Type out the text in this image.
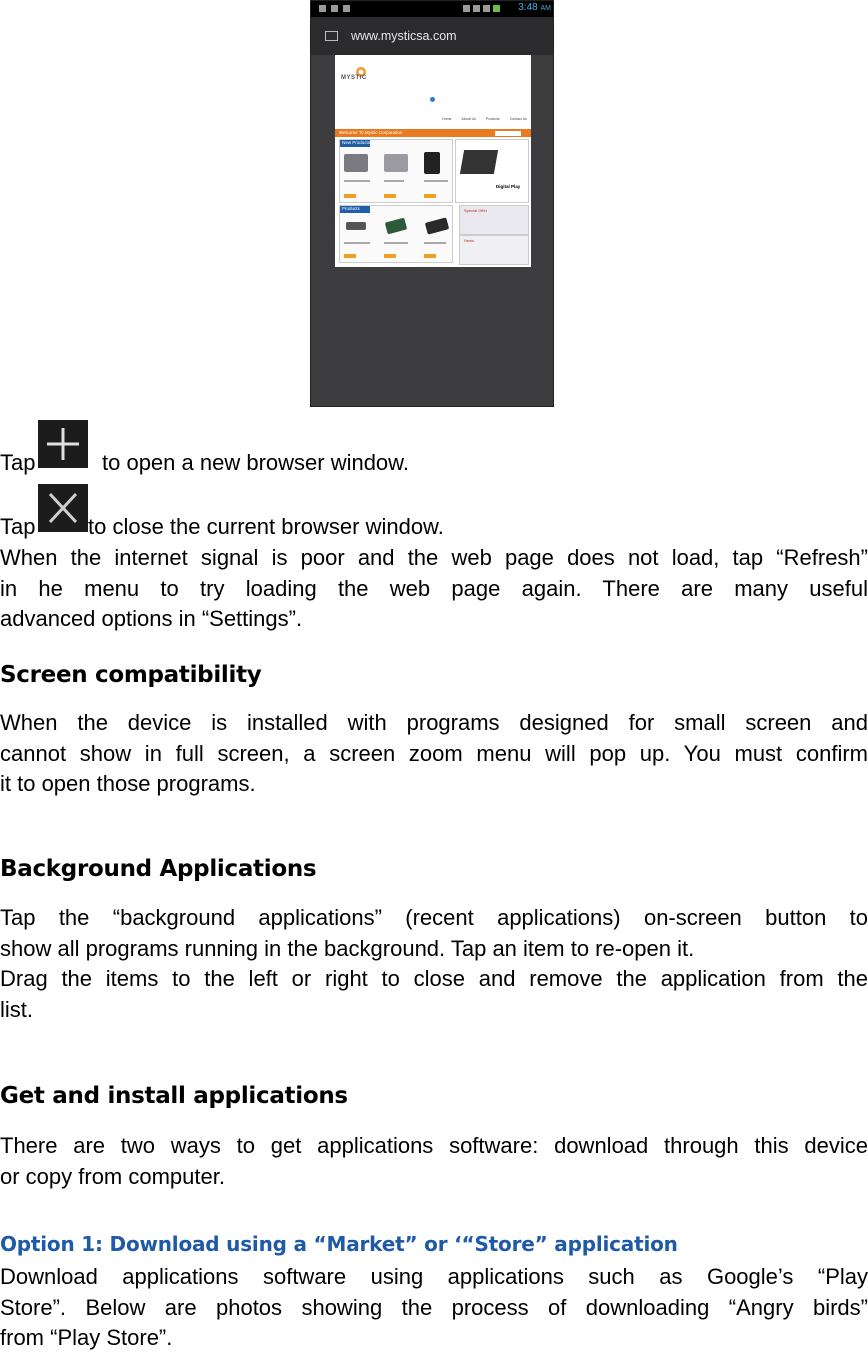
3:48 AM
www.mysticsa.com
MYSTIC
Home	About Us	Products	Contact Us
Welcome To Mystic Corporation
New Products
Digital Play
Products	Special Offer
News
Tap	to open a new browser window.
Tap to close the current browser window.
When the internet signal is poor and the web page does not load, tap “Refresh”
in he menu to try loading the web page again. There are many useful
advanced options in “Settings”.
Screen compatibility
When the device is installed with programs designed for small screen and
cannot show in full screen, a screen zoom menu will pop up. You must confirm
it to open those programs.
Background Applications
Tap the “background applications” (recent applications) on-screen button to
show all programs running in the background. Tap an item to re-open it.
Drag the items to the left or right to close and remove the application from the
list.
Get and install applications
There are two ways to get applications software: download through this device
or copy from computer.
Option 1: Download using a “Market” or ‘“Store” application
Download applications software using applications such as Google’s “Play
Store”. Below are photos showing the process of downloading “Angry birds”
from “Play Store”.
